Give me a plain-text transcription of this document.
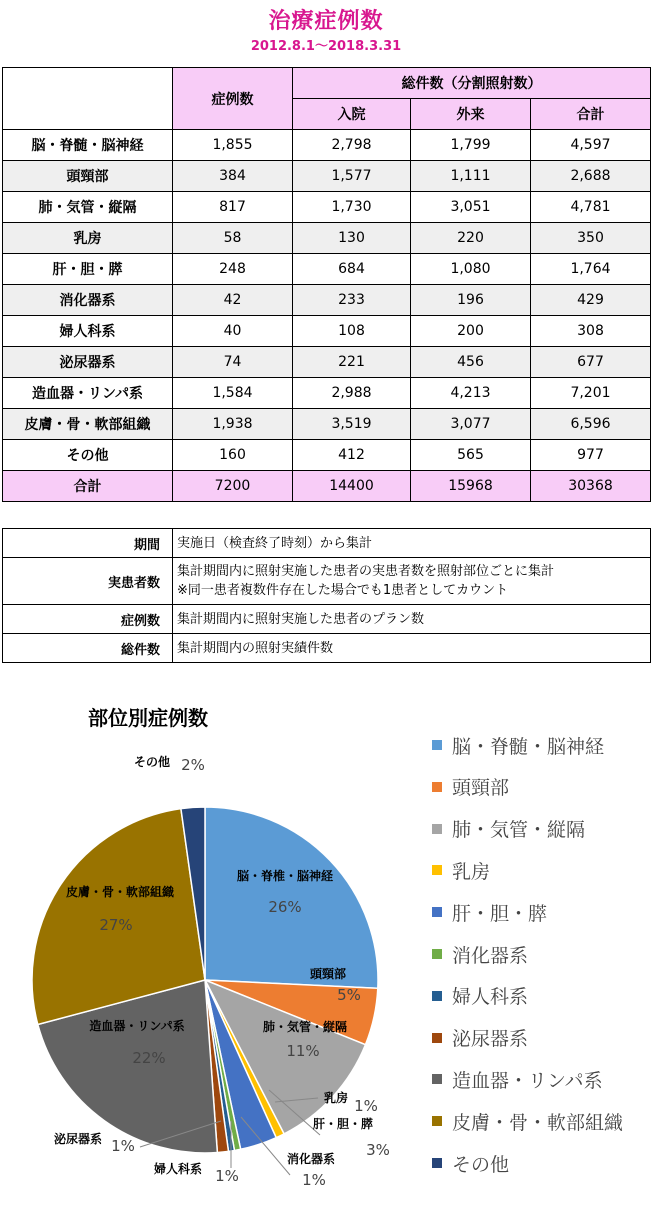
治療症例数
2012.8.1～2018.3.31
	症例数	総件数（分割照射数）		
		入院	外来	合計
脳・脊髄・脳神経	1,855	2,798	1,799	4,597
頭頸部	384	1,577	1,111	2,688
肺・気管・縦隔	817	1,730	3,051	4,781
乳房	58	130	220	350
肝・胆・膵	248	684	1,080	1,764
消化器系	42	233	196	429
婦人科系	40	108	200	308
泌尿器系	74	221	456	677
造血器・リンパ系	1,584	2,988	4,213	7,201
皮膚・骨・軟部組織	1,938	3,519	3,077	6,596
その他	160	412	565	977
合計	7200	14400	15968	30368
期間	実施日（検査終了時刻）から集計
実患者数	集計期間内に照射実施した患者の実患者数を照射部位ごとに集計
※同一患者複数件存在した場合でも1患者としてカウント

症例数	集計期間内に照射実施した患者のプラン数
総件数	集計期間内の照射実績件数
部位別症例数
脳・脊椎・脳神経
26%
頭頸部
5%
肺・気管・縦隔
11%
乳房 1%
肝・胆・膵
3%
消化器系
1%
婦人科系 1%
泌尿器系 1%
造血器・リンパ系
22%
皮膚・骨・軟部組織
27%
その他 2%
脳・脊髄・脳神経
頭頸部
肺・気管・縦隔
乳房
肝・胆・膵
消化器系
婦人科系
泌尿器系
造血器・リンパ系
皮膚・骨・軟部組織
その他
